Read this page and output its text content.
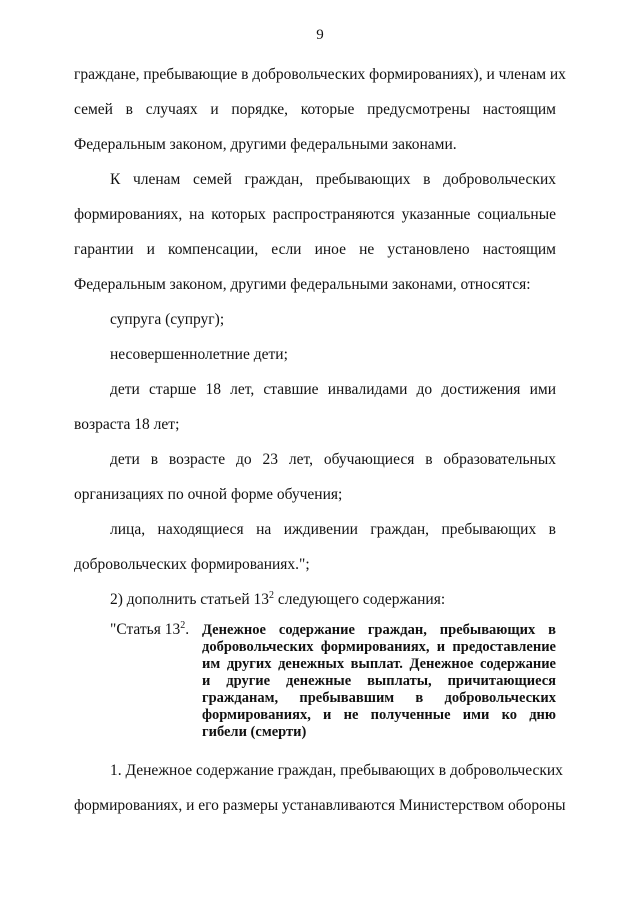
9
граждане, пребывающие в добровольческих формированиях), и членам их
семей в случаях и порядке, которые предусмотрены настоящим
Федеральным законом, другими федеральными законами.
К членам семей граждан, пребывающих в добровольческих
формированиях, на которых распространяются указанные социальные
гарантии и компенсации, если иное не установлено настоящим
Федеральным законом, другими федеральными законами, относятся:
супруга (супруг);
несовершеннолетние дети;
дети старше 18 лет, ставшие инвалидами до достижения ими
возраста 18 лет;
дети в возрасте до 23 лет, обучающиеся в образовательных
организациях по очной форме обучения;
лица, находящиеся на иждивении граждан, пребывающих в
добровольческих формированиях.";
2) дополнить статьей $13^2$ следующего содержания:
"Статья $13^2$. Денежное содержание граждан, пребывающих в
добровольческих формированиях, и предоставление
им других денежных выплат. Денежное содержание
и другие денежные выплаты, причитающиеся
гражданам, пребывавшим в добровольческих
формированиях, и не полученные ими ко дню
гибели (смерти)
1. Денежное содержание граждан, пребывающих в добровольческих
формированиях, и его размеры устанавливаются Министерством обороны
